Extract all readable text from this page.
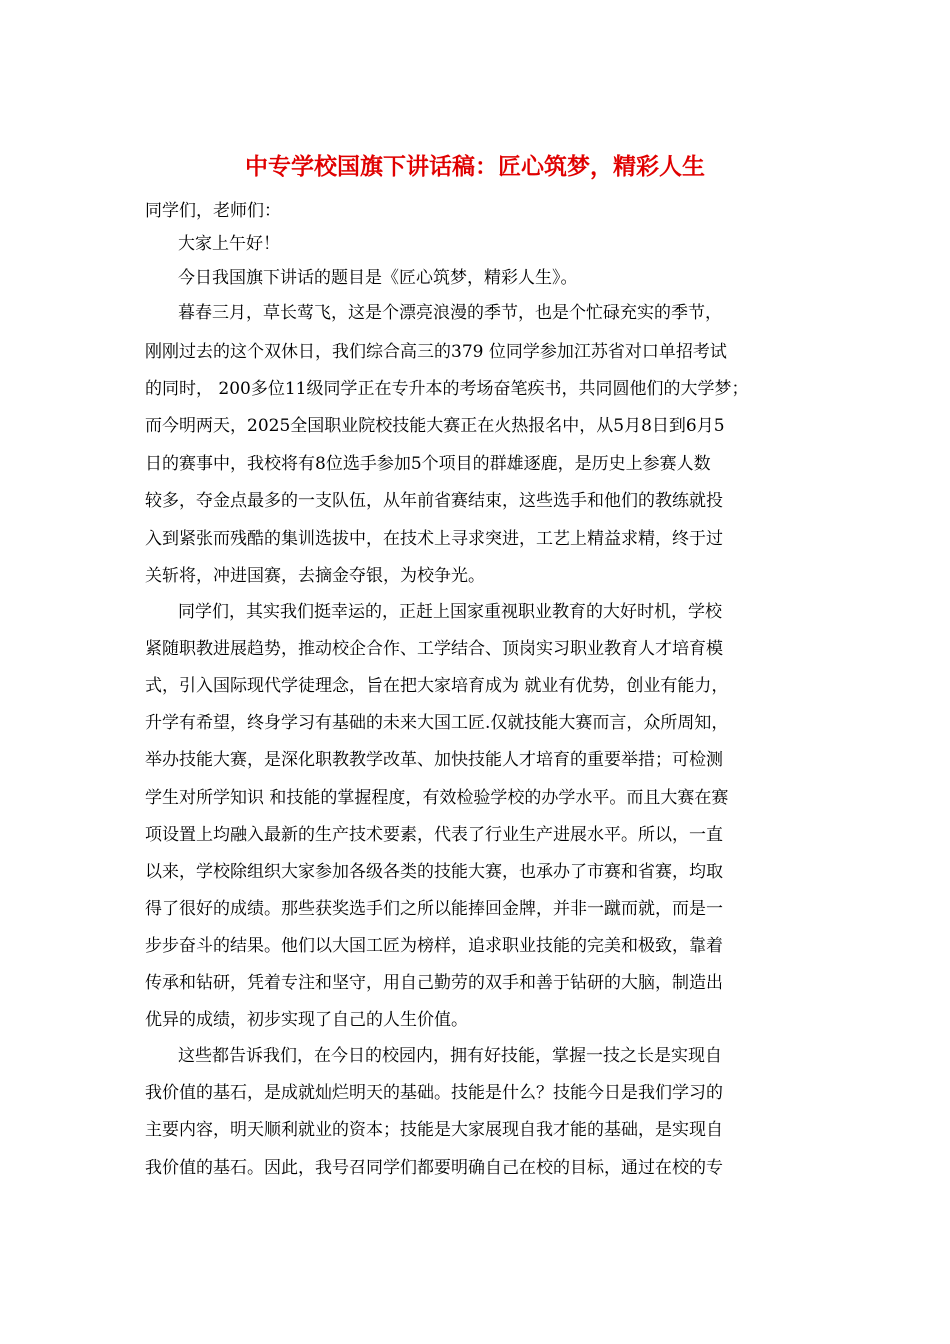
中专学校国旗下讲话稿：匠心筑梦，精彩人生
同学们，老师们：
大家上午好！
今日我国旗下讲话的题目是《匠心筑梦，精彩人生》。
暮春三月，草长莺飞，这是个漂亮浪漫的季节，也是个忙碌充实的季节，
刚刚过去的这个双休日，我们综合高三的379 位同学参加江苏省对口单招考试
的同时， 200多位11级同学正在专升本的考场奋笔疾书，共同圆他们的大学梦；
而今明两天，2025全国职业院校技能大赛正在火热报名中，从5月8日到6月5
日的赛事中，我校将有8位选手参加5个项目的群雄逐鹿，是历史上参赛人数
较多，夺金点最多的一支队伍，从年前省赛结束，这些选手和他们的教练就投
入到紧张而残酷的集训选拔中，在技术上寻求突进，工艺上精益求精，终于过
关斩将，冲进国赛，去摘金夺银，为校争光。
同学们，其实我们挺幸运的，正赶上国家重视职业教育的大好时机，学校
紧随职教进展趋势，推动校企合作、工学结合、顶岗实习职业教育人才培育模
式，引入国际现代学徒理念，旨在把大家培育成为 就业有优势，创业有能力，
升学有希望，终身学习有基础的未来大国工匠.仅就技能大赛而言，众所周知，
举办技能大赛，是深化职教教学改革、加快技能人才培育的重要举措；可检测
学生对所学知识 和技能的掌握程度，有效检验学校的办学水平。而且大赛在赛
项设置上均融入最新的生产技术要素，代表了行业生产进展水平。所以，一直
以来，学校除组织大家参加各级各类的技能大赛，也承办了市赛和省赛，均取
得了很好的成绩。那些获奖选手们之所以能捧回金牌，并非一蹴而就，而是一
步步奋斗的结果。他们以大国工匠为榜样，追求职业技能的完美和极致，靠着
传承和钻研，凭着专注和坚守，用自己勤劳的双手和善于钻研的大脑，制造出
优异的成绩，初步实现了自己的人生价值。
这些都告诉我们，在今日的校园内，拥有好技能，掌握一技之长是实现自
我价值的基石，是成就灿烂明天的基础。技能是什么？技能今日是我们学习的
主要内容，明天顺利就业的资本；技能是大家展现自我才能的基础，是实现自
我价值的基石。因此，我号召同学们都要明确自己在校的目标，通过在校的专
